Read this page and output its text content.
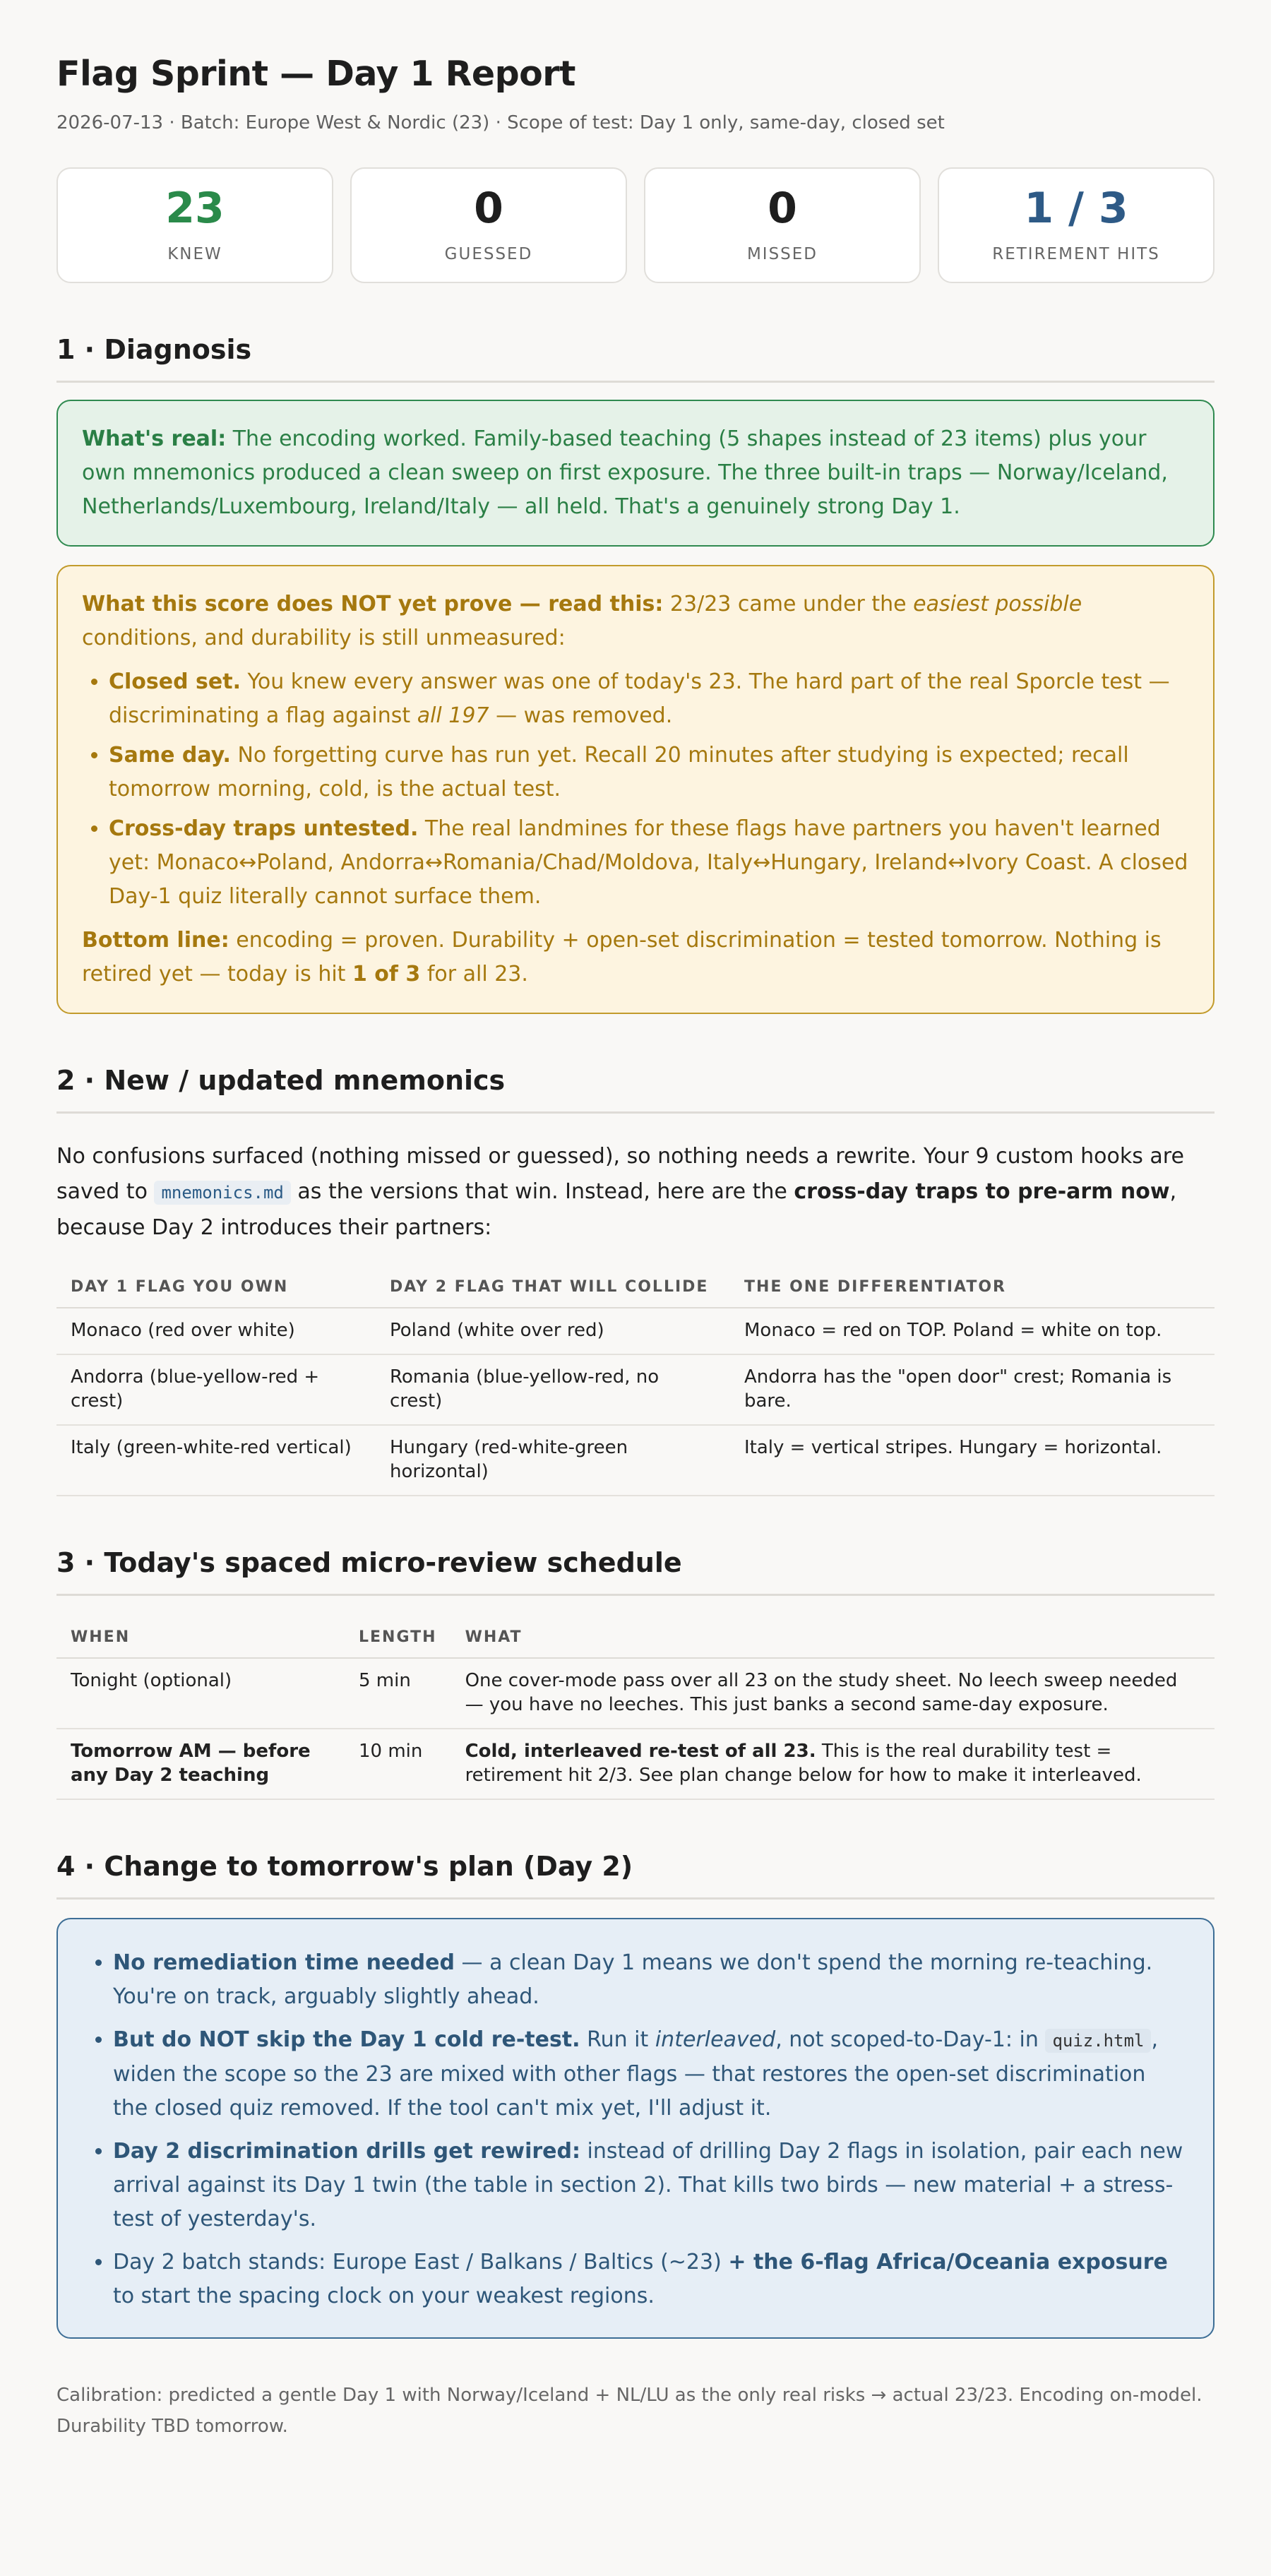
Flag Sprint — Day 1 Report
2026-07-13 · Batch: Europe West & Nordic (23) · Scope of test: Day 1 only, same-day, closed set
23
KNEW
0
GUESSED
0
MISSED
1 / 3
RETIREMENT HITS
1 · Diagnosis
What's real: The encoding worked. Family-based teaching (5 shapes instead of 23 items) plus your own mnemonics produced a clean sweep on first exposure. The three built-in traps — Norway/Iceland, Netherlands/Luxembourg, Ireland/Italy — all held. That's a genuinely strong Day 1.
What this score does NOT yet prove — read this: 23/23 came under the easiest possible conditions, and durability is still unmeasured:
• Closed set. You knew every answer was one of today's 23. The hard part of the real Sporcle test — discriminating a flag against all 197 — was removed.
• Same day. No forgetting curve has run yet. Recall 20 minutes after studying is expected; recall tomorrow morning, cold, is the actual test.
• Cross-day traps untested. The real landmines for these flags have partners you haven't learned yet: Monaco↔Poland, Andorra↔Romania/Chad/Moldova, Italy↔Hungary, Ireland↔Ivory Coast. A closed Day-1 quiz literally cannot surface them.
Bottom line: encoding = proven. Durability + open-set discrimination = tested tomorrow. Nothing is retired yet — today is hit 1 of 3 for all 23.
2 · New / updated mnemonics

No confusions surfaced (nothing missed or guessed), so nothing needs a rewrite. Your 9 custom hooks are saved to mnemonics.md as the versions that win. Instead, here are the cross-day traps to pre-arm now, because Day 2 introduces their partners:

DAY 1 FLAG YOU OWN	DAY 2 FLAG THAT WILL COLLIDE	THE ONE DIFFERENTIATOR
Monaco (red over white)	Poland (white over red)	Monaco = red on TOP. Poland = white on top.
Andorra (blue-yellow-red + crest)	Romania (blue-yellow-red, no crest)	Andorra has the "open door" crest; Romania is bare.
Italy (green-white-red vertical)	Hungary (red-white-green horizontal)	Italy = vertical stripes. Hungary = horizontal.
3 · Today's spaced micro-review schedule
WHEN	LENGTH	WHAT
Tonight (optional)	5 min	One cover-mode pass over all 23 on the study sheet. No leech sweep needed — you have no leeches. This just banks a second same-day exposure.
Tomorrow AM — before any Day 2 teaching	10 min	Cold, interleaved re-test of all 23. This is the real durability test = retirement hit 2/3. See plan change below for how to make it interleaved.
4 · Change to tomorrow's plan (Day 2)
• No remediation time needed — a clean Day 1 means we don't spend the morning re-teaching. You're on track, arguably slightly ahead.
• But do NOT skip the Day 1 cold re-test. Run it interleaved, not scoped-to-Day-1: in quiz.html , widen the scope so the 23 are mixed with other flags — that restores the open-set discrimination the closed quiz removed. If the tool can't mix yet, I'll adjust it.
• Day 2 discrimination drills get rewired: instead of drilling Day 2 flags in isolation, pair each new arrival against its Day 1 twin (the table in section 2). That kills two birds — new material + a stress-test of yesterday's.
• Day 2 batch stands: Europe East / Balkans / Baltics (~23) + the 6-flag Africa/Oceania exposure to start the spacing clock on your weakest regions.

Calibration: predicted a gentle Day 1 with Norway/Iceland + NL/LU as the only real risks → actual 23/23. Encoding on-model. Durability TBD tomorrow.
